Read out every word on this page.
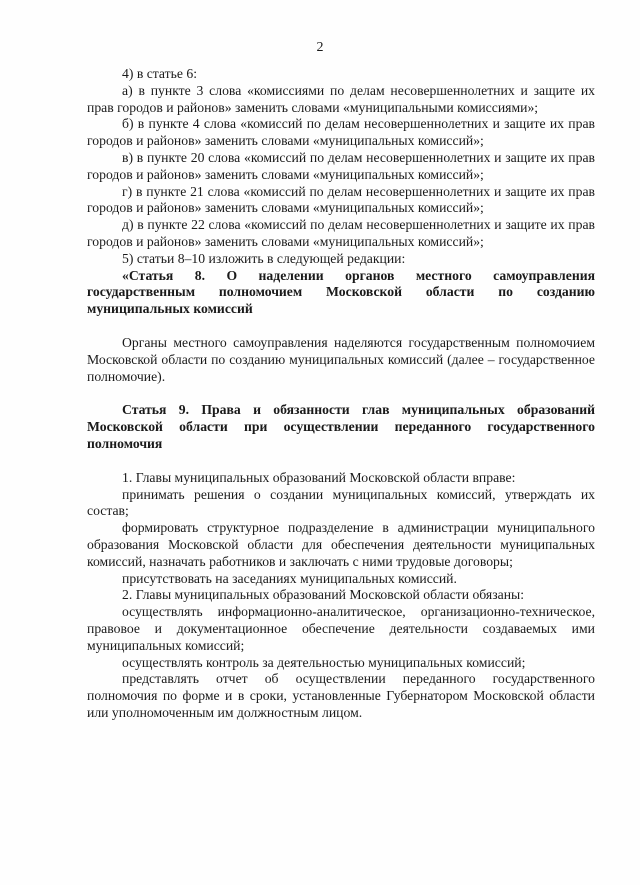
2

4) в статье 6:

а) в пункте 3 слова «комиссиями по делам несовершеннолетних и защите их прав городов и районов» заменить словами «муниципальными комиссиями»;

б) в пункте 4 слова «комиссий по делам несовершеннолетних и защите их прав городов и районов» заменить словами «муниципальных комиссий»;

в) в пункте 20 слова «комиссий по делам несовершеннолетних и защите их прав городов и районов» заменить словами «муниципальных комиссий»;

г) в пункте 21 слова «комиссий по делам несовершеннолетних и защите их прав городов и районов» заменить словами «муниципальных комиссий»;

д) в пункте 22 слова «комиссий по делам несовершеннолетних и защите их прав городов и районов» заменить словами «муниципальных комиссий»;

5) статьи 8–10 изложить в следующей редакции:

«Статья 8. О наделении органов местного самоуправления государственным полномочием Московской области по созданию муниципальных комиссий

Органы местного самоуправления наделяются государственным полномочием Московской области по созданию муниципальных комиссий (далее – государственное полномочие).

Статья 9. Права и обязанности глав муниципальных образований Московской области при осуществлении переданного государственного полномочия

1. Главы муниципальных образований Московской области вправе:

принимать решения о создании муниципальных комиссий, утверждать их состав;

формировать структурное подразделение в администрации муниципального образования Московской области для обеспечения деятельности муниципальных комиссий, назначать работников и заключать с ними трудовые договоры;

присутствовать на заседаниях муниципальных комиссий.

2. Главы муниципальных образований Московской области обязаны:

осуществлять информационно-аналитическое, организационно-техническое, правовое и документационное обеспечение деятельности создаваемых ими муниципальных комиссий;

осуществлять контроль за деятельностью муниципальных комиссий;

представлять отчет об осуществлении переданного государственного полномочия по форме и в сроки, установленные Губернатором Московской области или уполномоченным им должностным лицом.
